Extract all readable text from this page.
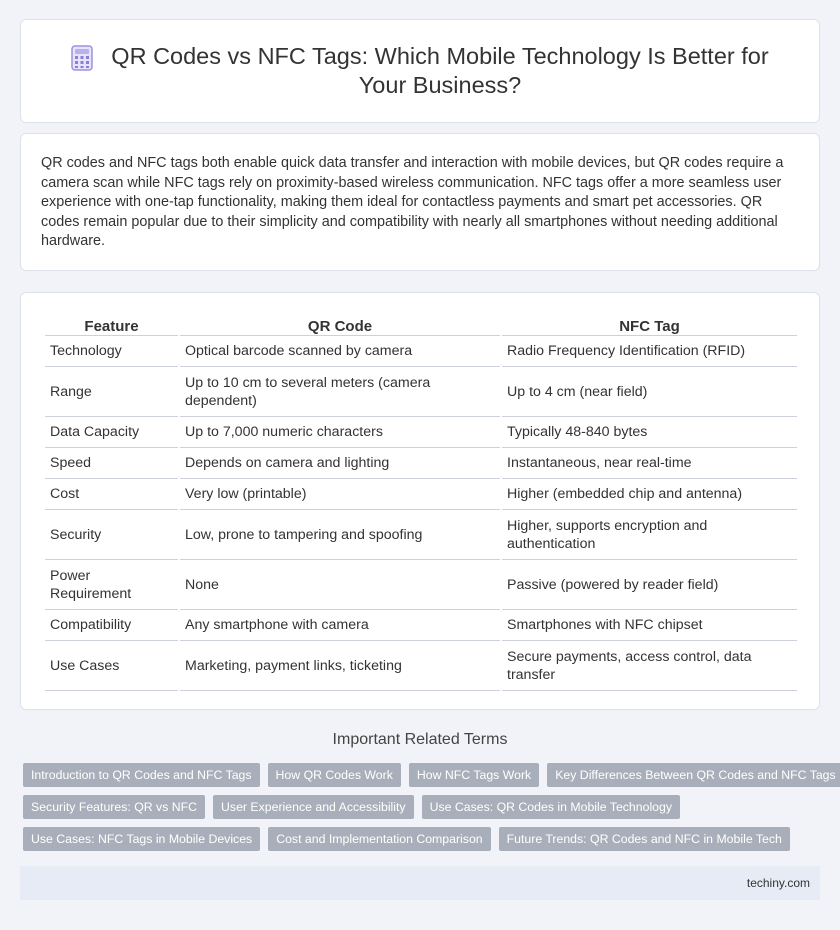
QR Codes vs NFC Tags: Which Mobile Technology Is Better for Your Business?

QR codes and NFC tags both enable quick data transfer and interaction with mobile devices, but QR codes require a camera scan while NFC tags rely on proximity-based wireless communication. NFC tags offer a more seamless user experience with one-tap functionality, making them ideal for contactless payments and smart pet accessories. QR codes remain popular due to their simplicity and compatibility with nearly all smartphones without needing additional hardware.

Feature	QR Code	NFC Tag
Technology	Optical barcode scanned by camera	Radio Frequency Identification (RFID)
Range	Up to 10 cm to several meters (camera dependent)	Up to 4 cm (near field)
Data Capacity	Up to 7,000 numeric characters	Typically 48-840 bytes
Speed	Depends on camera and lighting	Instantaneous, near real-time
Cost	Very low (printable)	Higher (embedded chip and antenna)
Security	Low, prone to tampering and spoofing	Higher, supports encryption and authentication
Power Requirement	None	Passive (powered by reader field)
Compatibility	Any smartphone with camera	Smartphones with NFC chipset
Use Cases	Marketing, payment links, ticketing	Secure payments, access control, data transfer
Important Related Terms
Introduction to QR Codes and NFC Tags	How QR Codes Work	How NFC Tags Work	Key Differences Between QR Codes and NFC Tags
Security Features: QR vs NFC	User Experience and Accessibility	Use Cases: QR Codes in Mobile Technology
Use Cases: NFC Tags in Mobile Devices	Cost and Implementation Comparison	Future Trends: QR Codes and NFC in Mobile Tech
techiny.com
